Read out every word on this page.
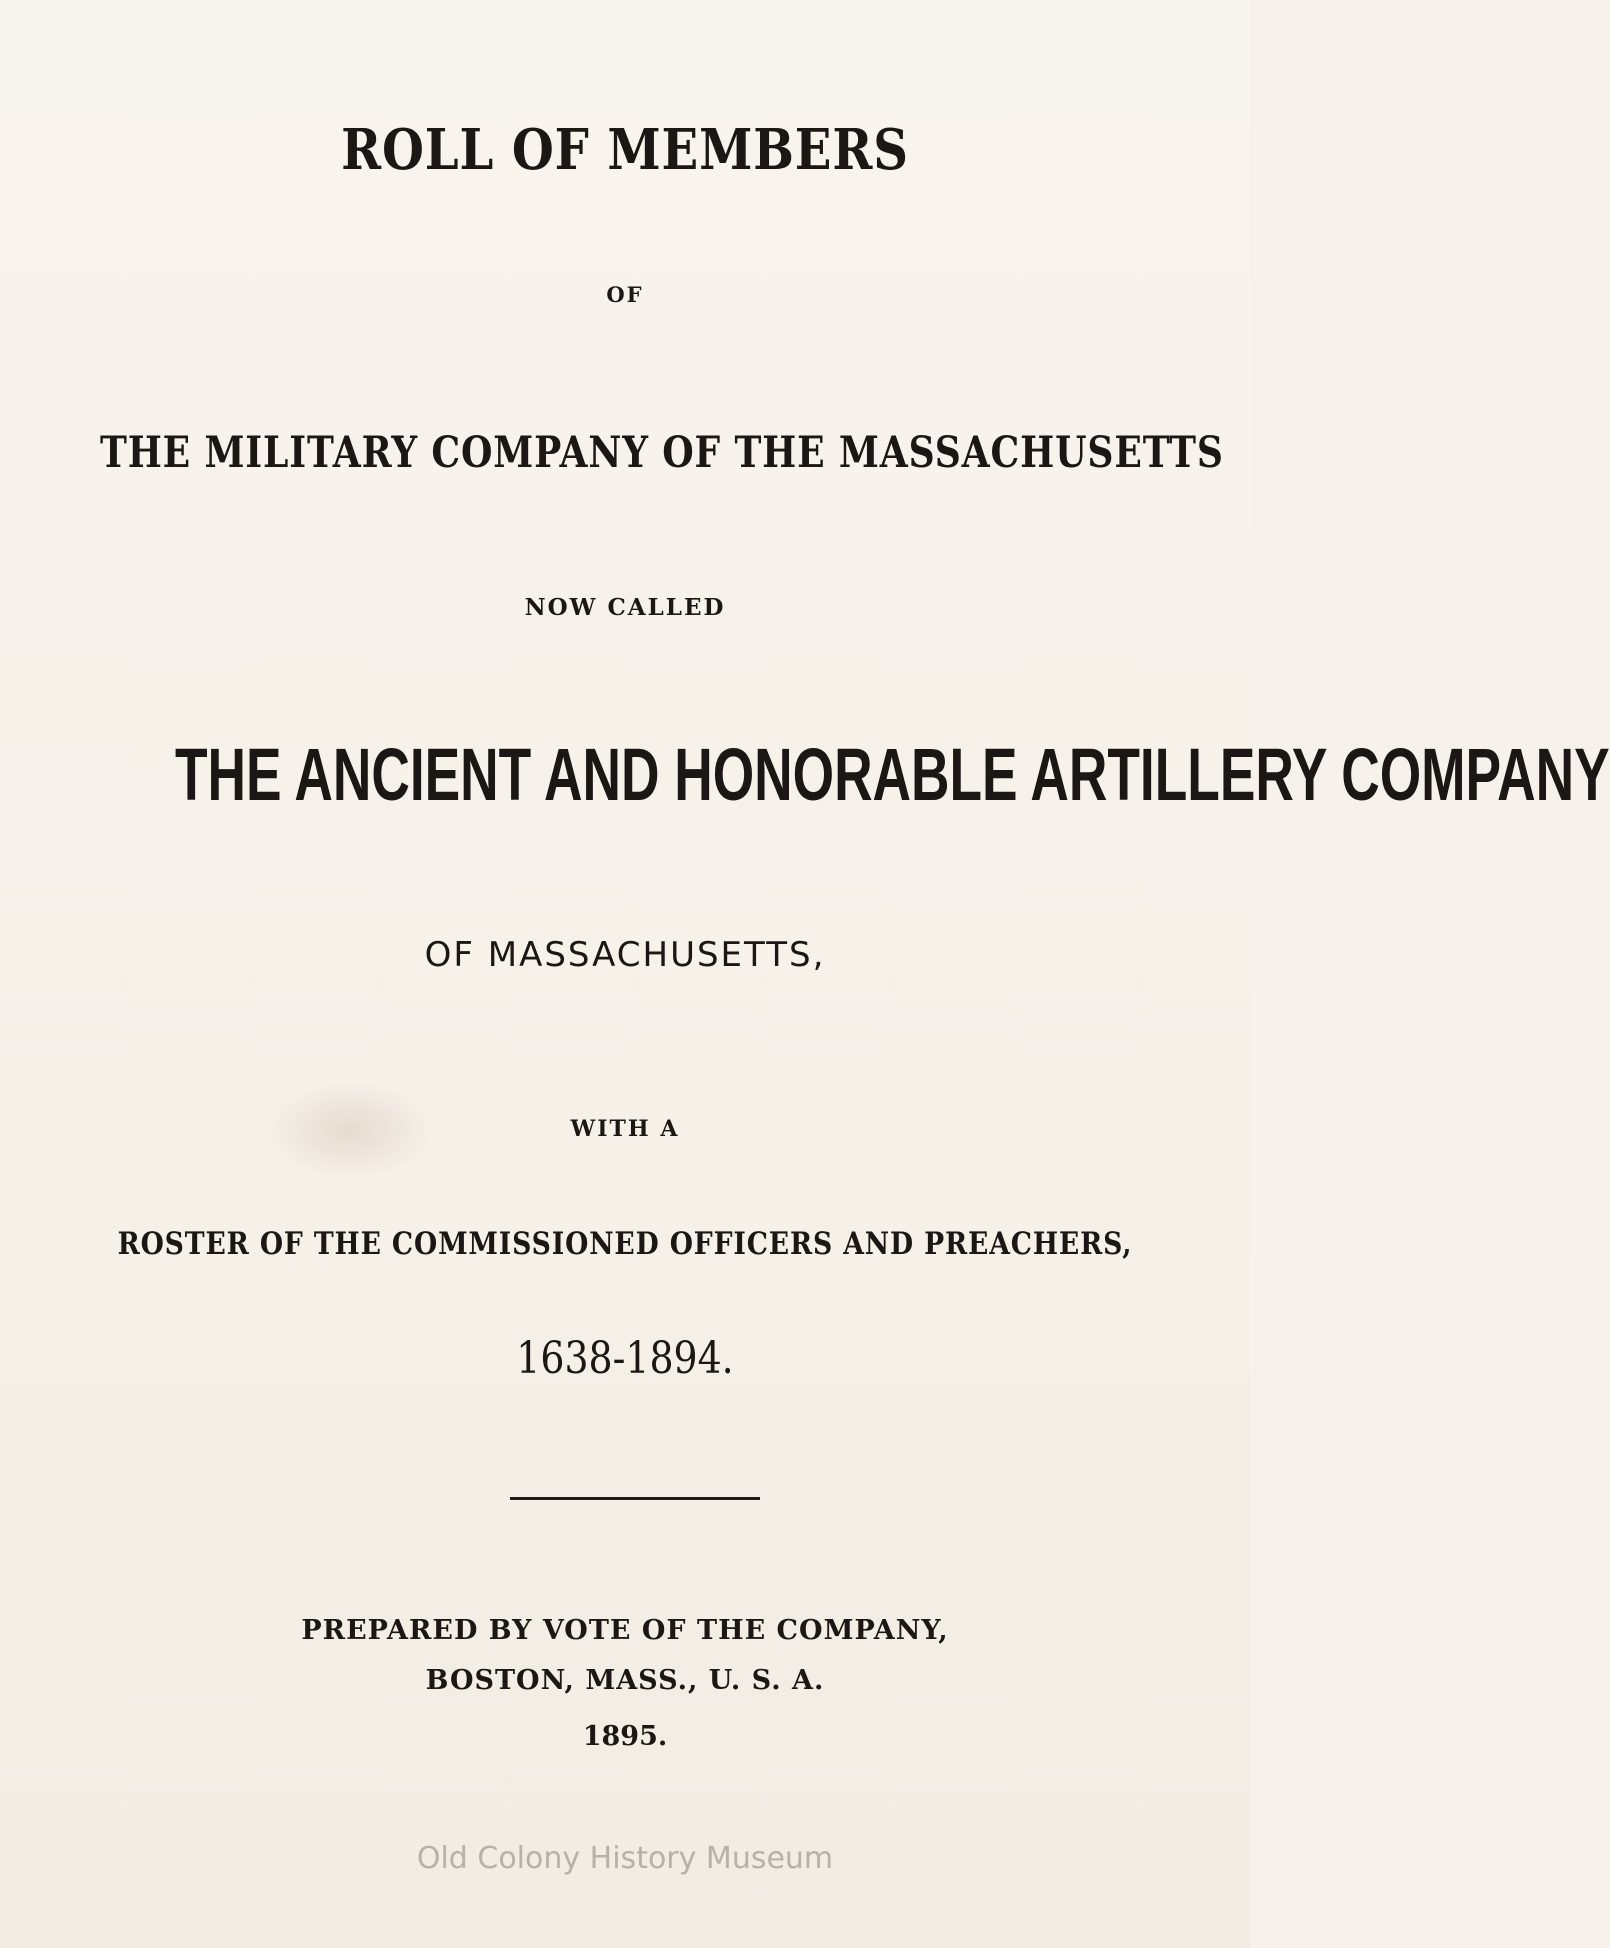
ROLL OF MEMBERS
OF
THE MILITARY COMPANY OF THE MASSACHUSETTS
NOW CALLED
THE ANCIENT AND HONORABLE ARTILLERY COMPANY
OF MASSACHUSETTS,
WITH A
ROSTER OF THE COMMISSIONED OFFICERS AND PREACHERS,
1638-1894.
PREPARED BY VOTE OF THE COMPANY,
BOSTON, MASS., U. S. A.
1895.
Old Colony History Museum
